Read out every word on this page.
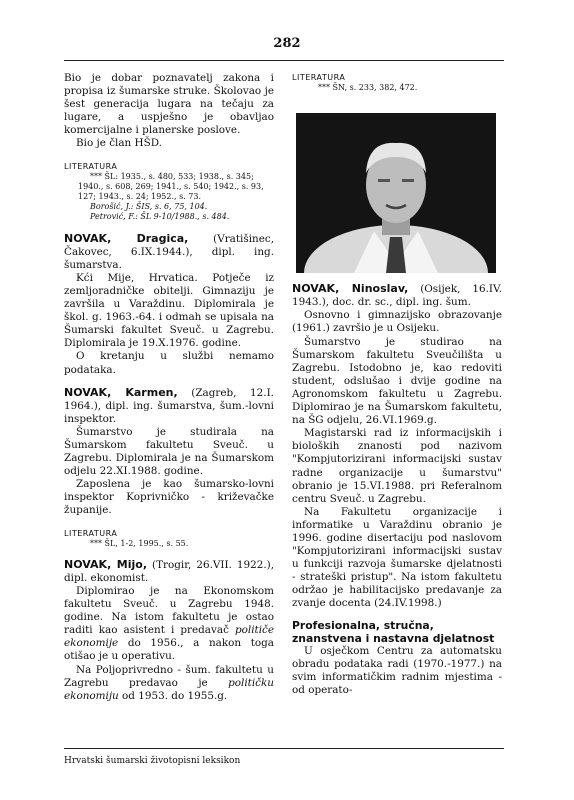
282

Bio je dobar poznavatelj zakona i propisa iz šumarske struke. Školovao je šest generacija lugara na tečaju za lugare, a uspješno je obavljao komercijalne i planerske poslove.

Bio je član HŠD.

LITERATURA

*** ŠL: 1935., s. 480, 533; 1938., s. 345; 1940., s. 608, 269; 1941., s. 540; 1942., s. 93, 127; 1943., s. 24; 1952., s. 73.

Borošić, J.: ŠIS, s. 6, 75, 104.

Petrović, F.: ŠL 9-10/1988., s. 484.

NOVAK, Dragica, (Vratišinec, Čakovec, 6.IX.1944.), dipl. ing. šumarstva.

Kći Mije, Hrvatica. Potječe iz zemljoradničke obitelji. Gimnaziju je završila u Varaždinu. Diplomirala je škol. g. 1963.-64. i odmah se upisala na Šumarski fakultet Sveuč. u Zagrebu. Diplomirala je 19.X.1976. godine.

O kretanju u službi nemamo podataka.

NOVAK, Karmen, (Zagreb, 12.I. 1964.), dipl. ing. šumarstva, šum.-lovni inspektor.

Šumarstvo je studirala na Šumarskom fakultetu Sveuč. u Zagrebu. Diplomirala je na Šumarskom odjelu 22.XI.1988. godine.

Zaposlena je kao šumarsko-lovni inspektor Koprivničko - križevačke županije.

LITERATURA

*** ŠL, 1-2, 1995., s. 55.

NOVAK, Mijo, (Trogir, 26.VII. 1922.), dipl. ekonomist.

Diplomirao je na Ekonomskom fakultetu Sveuč. u Zagrebu 1948. godine. Na istom fakultetu je ostao raditi kao asistent i predavač političe ekonomije do 1956., a nakon toga otišao je u operativu.

Na Poljoprivredno - šum. fakultetu u Zagrebu predavao je političku ekonomiju od 1953. do 1955.g.

LITERATURA

*** ŠN, s. 233, 382, 472.

NOVAK, Ninoslav, (Osijek, 16.IV. 1943.), doc. dr. sc., dipl. ing. šum.

Osnovno i gimnazijsko obrazovanje (1961.) završio je u Osijeku.

Šumarstvo je studirao na Šumarskom fakultetu Sveučilišta u Zagrebu. Istodobno je, kao redoviti student, odslušao i dvije godine na Agronomskom fakultetu u Zagrebu. Diplomirao je na Šumarskom fakultetu, na ŠG odjelu, 26.VI.1969.g.

Magistarski rad iz informacijskih i bioloških znanosti pod nazivom "Kompjutorizirani informacijski sustav radne organizacije u šumarstvu" obranio je 15.VI.1988. pri Referalnom centru Sveuč. u Zagrebu.

Na Fakultetu organizacije i informatike u Varaždinu obranio je 1996. godine disertaciju pod naslovom "Kompjutorizirani informacijski sustav u funkciji razvoja šumarske djelatnosti - strateški pristup". Na istom fakultetu održao je habilitacijsko predavanje za zvanje docenta (24.IV.1998.)

Profesionalna, stručna, znanstvena i nastavna djelatnost

U osječkom Centru za automatsku obradu podataka radi (1970.-1977.) na svim informatičkim radnim mjestima - od operato-

Hrvatski šumarski životopisni leksikon
